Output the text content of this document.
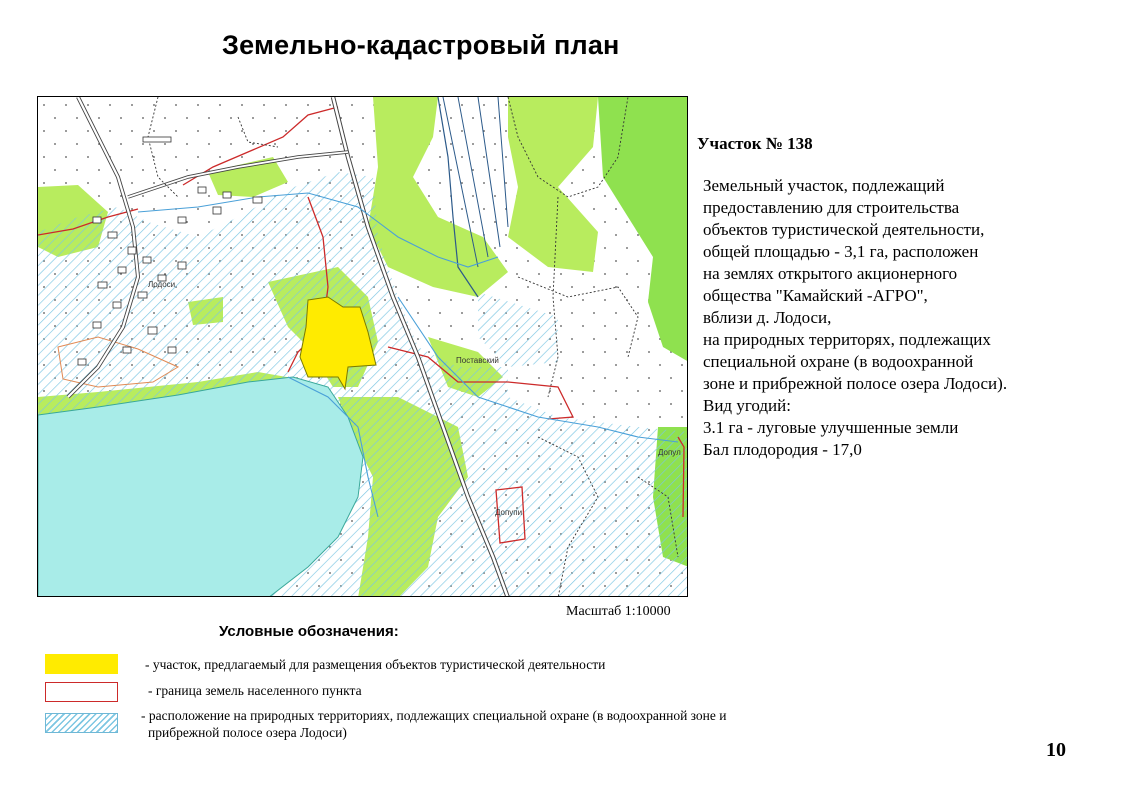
Земельно-кадастровый план
Лодоси
Поставский
Допупи
Допул
Масштаб 1:10000
Участок № 138
Земельный участок, подлежащий
предоставлению для строительства
объектов туристической деятельности,
общей площадью - 3,1 га, расположен
на землях открытого акционерного
общества "Камайский -АГРО",
вблизи д. Лодоси,
на природных территорях, подлежащих
специальной охране (в водоохранной
зоне и прибрежной полосе озера Лодоси).
Вид угодий:
3.1 га - луговые улучшенные земли
Бал плодородия - 17,0
Условные обозначения:
- участок, предлагаемый для размещения объектов туристической деятельности
- граница земель населенного пункта
- расположение на природных территориях, подлежащих специальной охране (в водоохранной зоне и
прибрежной полосе озера Лодоси)
10
